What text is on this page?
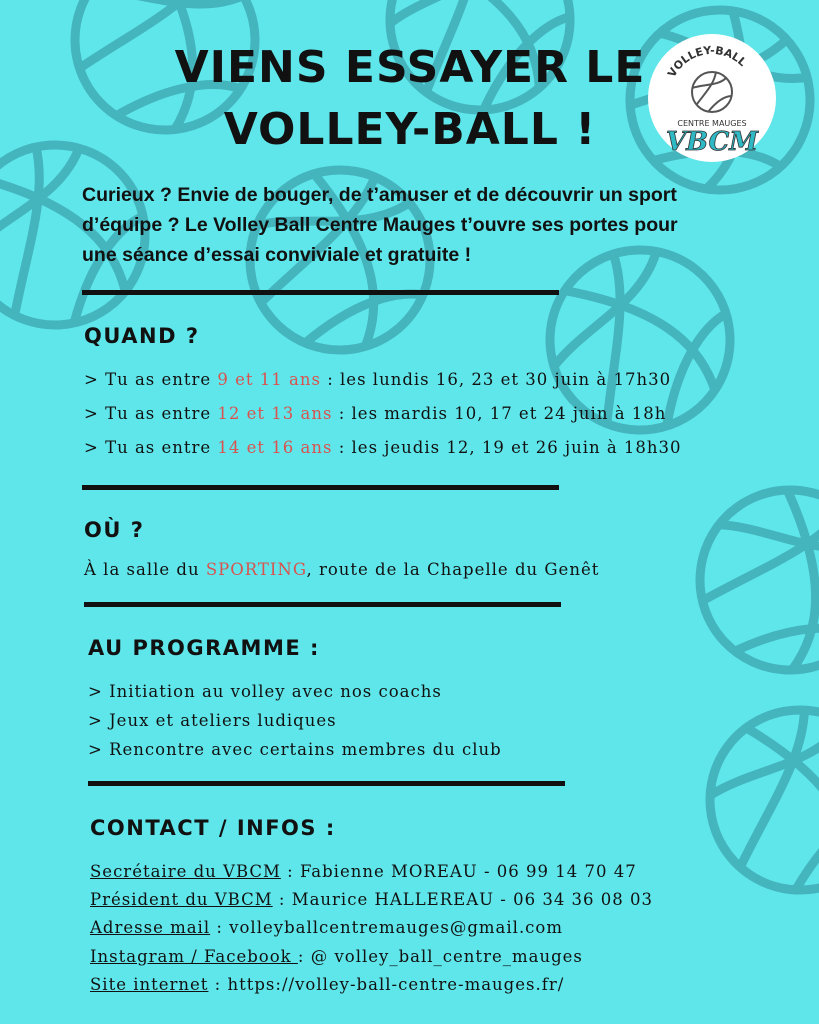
VIENS ESSAYER LE
VOLLEY-BALL !
VOLLEY-BALL
CENTRE MAUGES
VBCM
Curieux ? Envie de bouger, de t’amuser et de découvrir un sport d’équipe ? Le Volley Ball Centre Mauges t’ouvre ses portes pour une séance d’essai conviviale et gratuite !
QUAND ?
> Tu as entre 9 et 11 ans : les lundis 16, 23 et 30 juin à 17h30
> Tu as entre 12 et 13 ans : les mardis 10, 17 et 24 juin à 18h
> Tu as entre 14 et 16 ans : les jeudis 12, 19 et 26 juin à 18h30
OÙ ?
À la salle du SPORTING, route de la Chapelle du Genêt
AU PROGRAMME :
> Initiation au volley avec nos coachs
> Jeux et ateliers ludiques
> Rencontre avec certains membres du club
CONTACT / INFOS :
Secrétaire du VBCM : Fabienne MOREAU - 06 99 14 70 47
Président du VBCM : Maurice HALLEREAU - 06 34 36 08 03
Adresse mail : volleyballcentremauges@gmail.com
Instagram / Facebook : @ volley_ball_centre_mauges
Site internet : https://volley-ball-centre-mauges.fr/
